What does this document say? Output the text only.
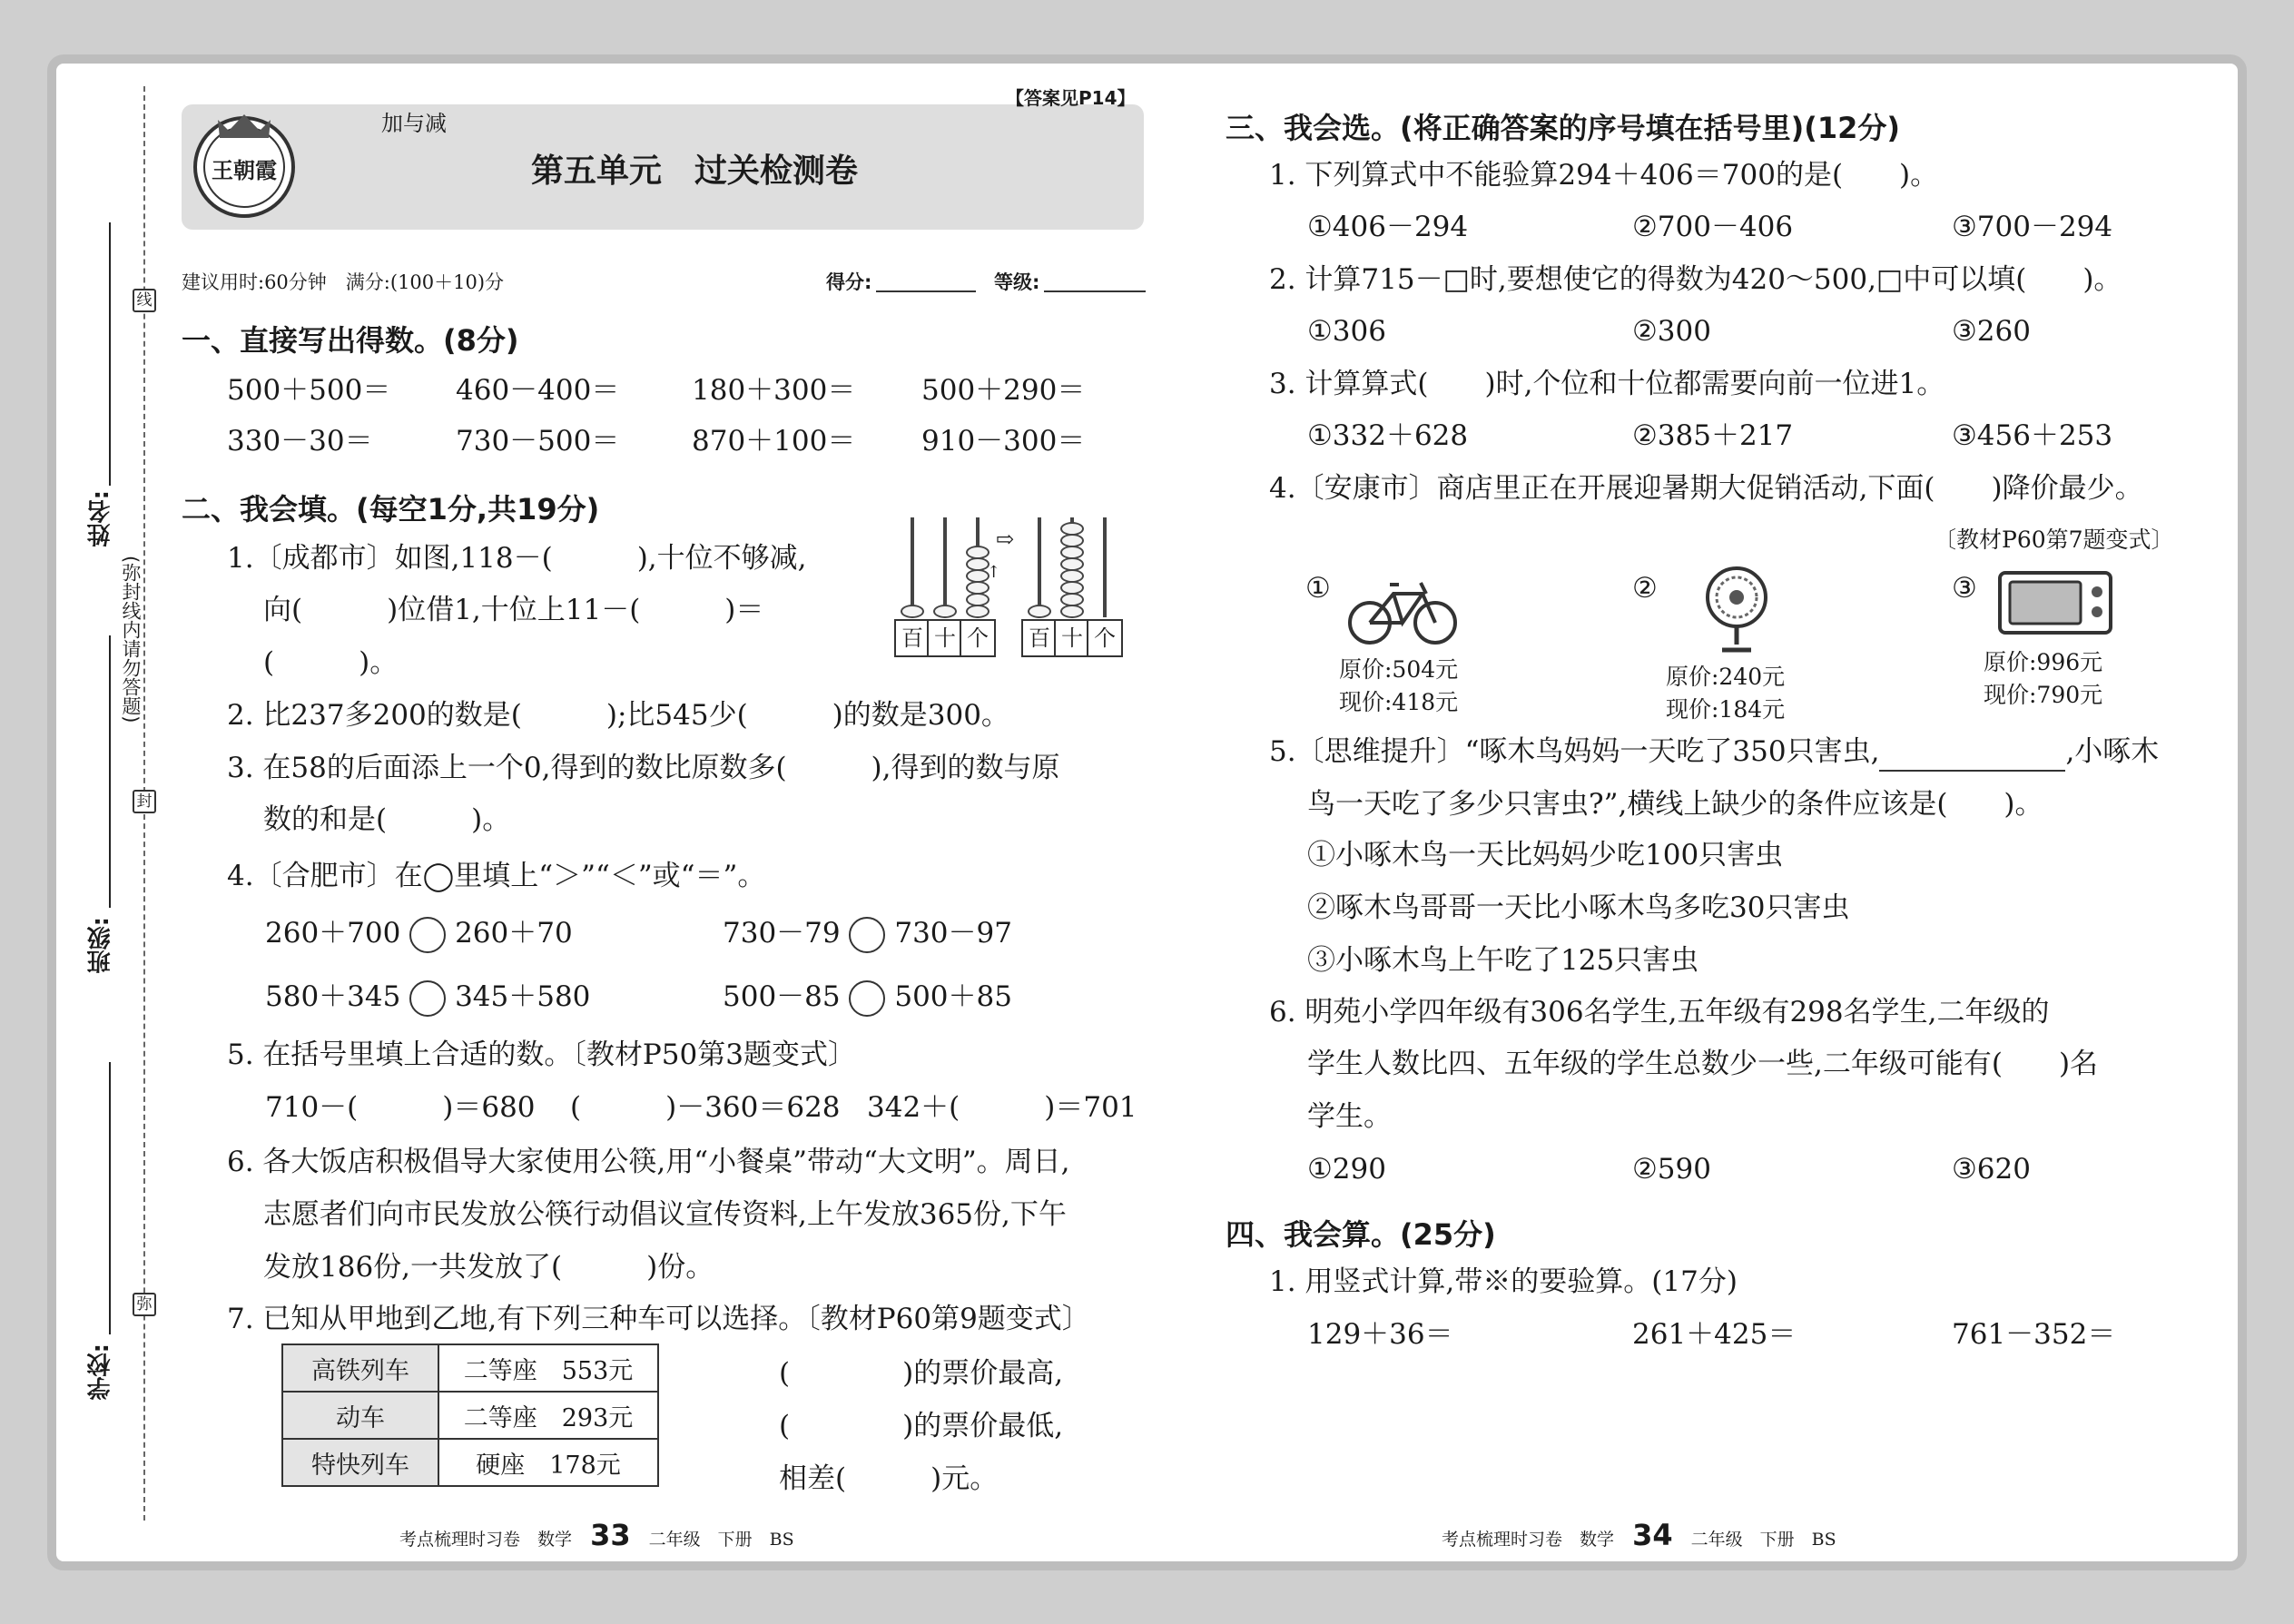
线
封
弥
(弥封线内请勿答题)
姓名:
班级:
学校:
王朝霞
加与减
【答案见P14】
第五单元　过关检测卷
建议用时:60分钟　满分:(100＋10)分	得分:	等级:
一、直接写出得数。(8分)
500＋500＝ 460－400＝	180＋300＝ 500＋290＝
330－30＝	730－500＝	870＋100＝ 910－300＝
二、我会填。(每空1分,共19分)
1.〔成都市〕如图,118－(　　　),十位不够减,
向(　　　)位借1,十位上11－(　　　)＝
(　　　)。
↑
⇨
百 十 个	百 十 个
2. 比237多200的数是(　　　);比545少(　　　)的数是300。
3. 在58的后面添上一个0,得到的数比原数多(　　　),得到的数与原
数的和是(　　　)。
4.〔合肥市〕在◯里填上“＞”“＜”或“＝”。
260＋700 260＋70	730－79 730－97
580＋345 345＋580	500－85 500＋85
5. 在括号里填上合适的数。〔教材P50第3题变式〕
710－(　　　)＝680 (　　　)－360＝628 342＋(　　　)＝701
6. 各大饭店积极倡导大家使用公筷,用“小餐桌”带动“大文明”。周日,
志愿者们向市民发放公筷行动倡议宣传资料,上午发放365份,下午
发放186份,一共发放了(　　　)份。
7. 已知从甲地到乙地,有下列三种车可以选择。〔教材P60第9题变式〕
高铁列车	二等座　553元
动车	二等座　293元
特快列车	硬座　178元
(　　　　)的票价最高,
(　　　　)的票价最低,
相差(　　　)元。
考点梳理时习卷　数学 33 二年级　下册　BS	考点梳理时习卷　数学 34 二年级　下册　BS
三、我会选。(将正确答案的序号填在括号里)(12分)
1. 下列算式中不能验算294＋406＝700的是(　　)。
①406－294	②700－406	③700－294
2. 计算715－□时,要想使它的得数为420～500,□中可以填(　　)。
①306	②300	③260
3. 计算算式(　　)时,个位和十位都需要向前一位进1。
①332＋628	②385＋217	③456＋253
4.〔安康市〕商店里正在开展迎暑期大促销活动,下面(　　)降价最少。
〔教材P60第7题变式〕
①
原价:504元
现价:418元
②
原价:240元
现价:184元
③
原价:996元
现价:790元
5.〔思维提升〕“啄木鸟妈妈一天吃了350只害虫,	,小啄木
鸟一天吃了多少只害虫?”,横线上缺少的条件应该是(　　)。
①小啄木鸟一天比妈妈少吃100只害虫
②啄木鸟哥哥一天比小啄木鸟多吃30只害虫
③小啄木鸟上午吃了125只害虫
6. 明苑小学四年级有306名学生,五年级有298名学生,二年级的
学生人数比四、五年级的学生总数少一些,二年级可能有(　　)名
学生。
①290	②590	③620
四、我会算。(25分)
1. 用竖式计算,带※的要验算。(17分)
129＋36＝	261＋425＝	761－352＝
